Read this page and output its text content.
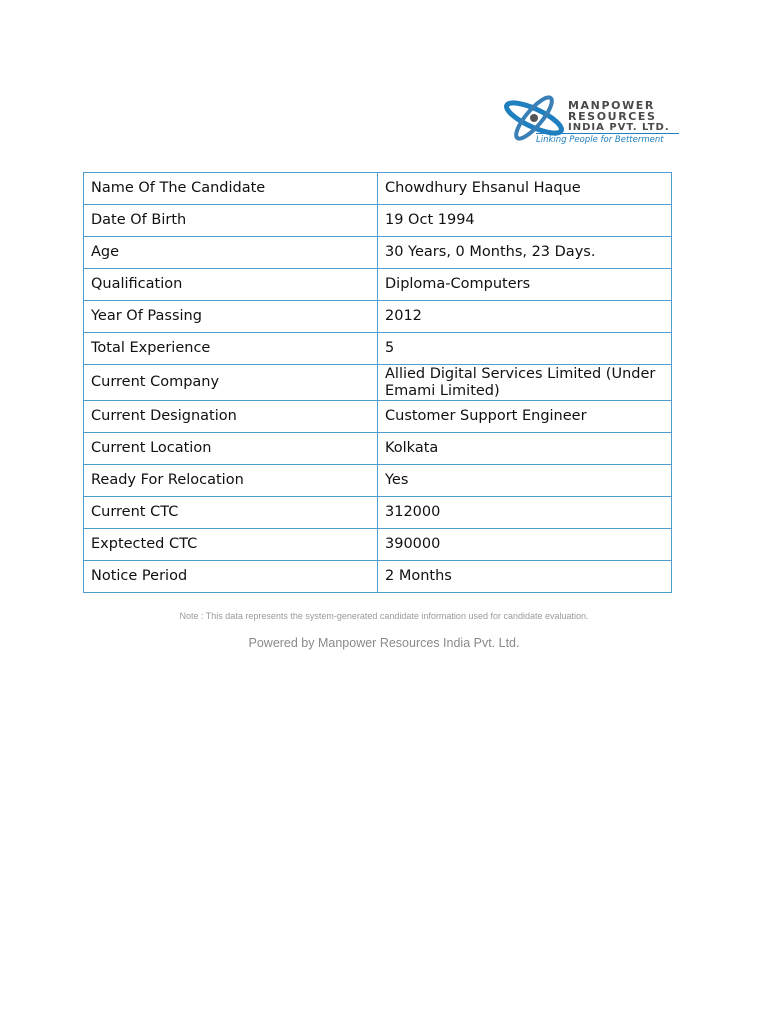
MANPOWER
RESOURCES
INDIA PVT. LTD.
Linking People for Betterment
Name Of The Candidate	Chowdhury Ehsanul Haque
Date Of Birth	19 Oct 1994
Age	30 Years, 0 Months, 23 Days.
Qualification	Diploma-Computers
Year Of Passing	2012
Total Experience	5
Current Company	Allied Digital Services Limited (Under Emami Limited)
Current Designation	Customer Support Engineer
Current Location	Kolkata
Ready For Relocation	Yes
Current CTC	312000
Exptected CTC	390000
Notice Period	2 Months
Note : This data represents the system-generated candidate information used for candidate evaluation.
Powered by Manpower Resources India Pvt. Ltd.
